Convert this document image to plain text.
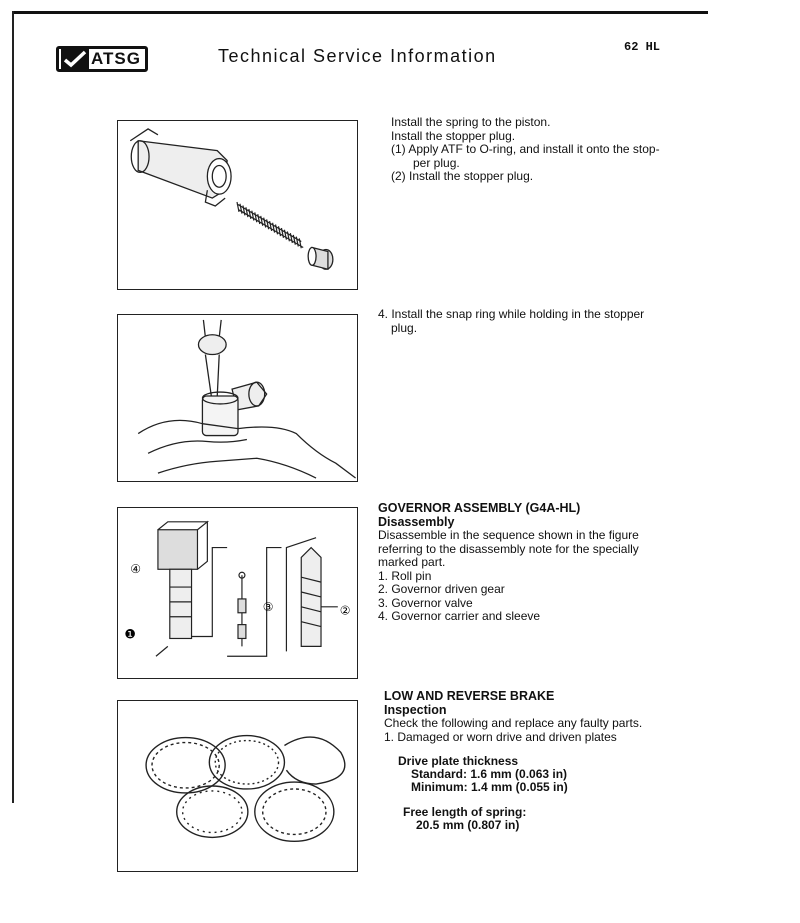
ATSG	Technical Service Information	62 HL
④
❶
③	②

Install the spring to the piston.

Install the stopper plug.

(1) Apply ATF to O-ring, and install it onto the stop-

per plug.

(2) Install the stopper plug.

4. Install the snap ring while holding in the stopper

plug.

GOVERNOR ASSEMBLY (G4A-HL)

Disassembly

Disassemble in the sequence shown in the figure

referring to the disassembly note for the specially

marked part.

1. Roll pin

2. Governor driven gear

3. Governor valve

4. Governor carrier and sleeve

LOW AND REVERSE BRAKE

Inspection

Check the following and replace any faulty parts.

1. Damaged or worn drive and driven plates

Drive plate thickness

Standard: 1.6 mm (0.063 in)

Minimum: 1.4 mm (0.055 in)

Free length of spring:

20.5 mm (0.807 in)
